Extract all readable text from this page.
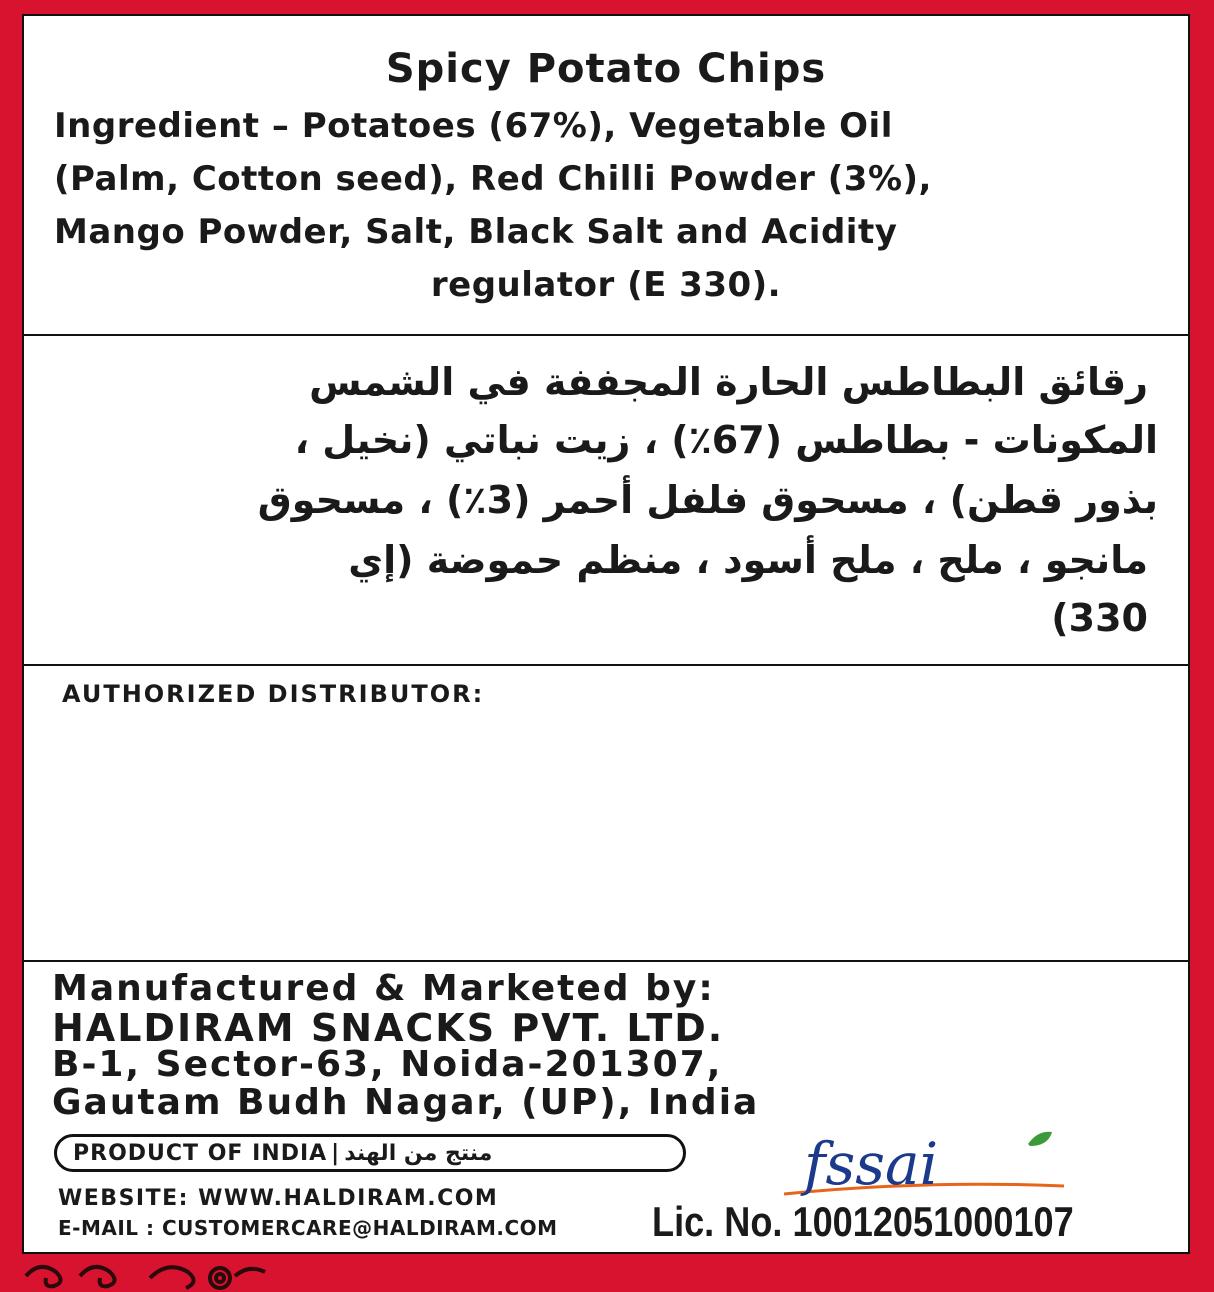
Spicy Potato Chips
Ingredient – Potatoes (67%), Vegetable Oil
(Palm, Cotton seed), Red Chilli Powder (3%),
Mango Powder, Salt, Black Salt and Acidity
regulator (E 330).
رقائق البطاطس الحارة المجففة في الشمس
المكونات - بطاطس (67٪) ، زيت نباتي (نخيل ،
بذور قطن) ، مسحوق فلفل أحمر (3٪) ، مسحوق
مانجو ، ملح ، ملح أسود ، منظم حموضة (إي
330)
AUTHORIZED DISTRIBUTOR:
Manufactured & Marketed by:
HALDIRAM SNACKS PVT. LTD.
B-1, Sector-63, Noida-201307,
Gautam Budh Nagar, (UP), India
PRODUCT OF INDIA | منتج من الهند
WEBSITE: WWW.HALDIRAM.COM
E-MAIL : CUSTOMERCARE@HALDIRAM.COM
fssai
Lic. No. 10012051000107
